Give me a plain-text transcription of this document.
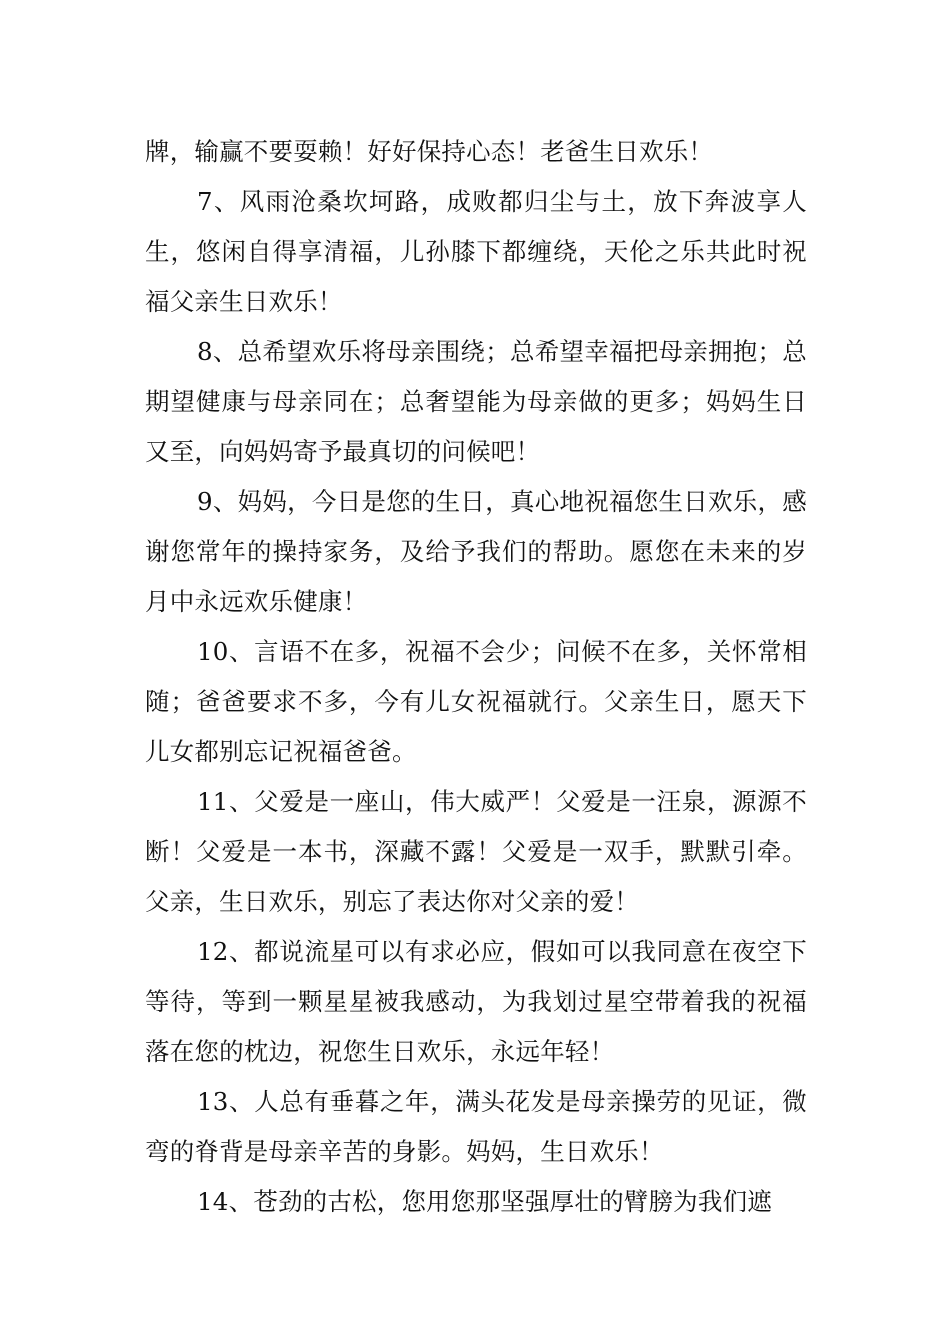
牌，输赢不要耍赖！好好保持心态！老爸生日欢乐！

7、风雨沧桑坎坷路，成败都归尘与土，放下奔波享人生，悠闲自得享清福，儿孙膝下都缠绕，天伦之乐共此时祝福父亲生日欢乐！

8、总希望欢乐将母亲围绕；总希望幸福把母亲拥抱；总期望健康与母亲同在；总奢望能为母亲做的更多；妈妈生日又至，向妈妈寄予最真切的问候吧！

9、妈妈，今日是您的生日，真心地祝福您生日欢乐，感谢您常年的操持家务，及给予我们的帮助。愿您在未来的岁月中永远欢乐健康！

10、言语不在多，祝福不会少；问候不在多，关怀常相随；爸爸要求不多，今有儿女祝福就行。父亲生日，愿天下儿女都别忘记祝福爸爸。

11、父爱是一座山，伟大威严！父爱是一汪泉，源源不断！父爱是一本书，深藏不露！父爱是一双手，默默引牵。父亲，生日欢乐，别忘了表达你对父亲的爱！

12、都说流星可以有求必应，假如可以我同意在夜空下等待，等到一颗星星被我感动，为我划过星空带着我的祝福落在您的枕边，祝您生日欢乐，永远年轻！

13、人总有垂暮之年，满头花发是母亲操劳的见证，微弯的脊背是母亲辛苦的身影。妈妈，生日欢乐！

14、苍劲的古松，您用您那坚强厚壮的臂膀为我们遮
